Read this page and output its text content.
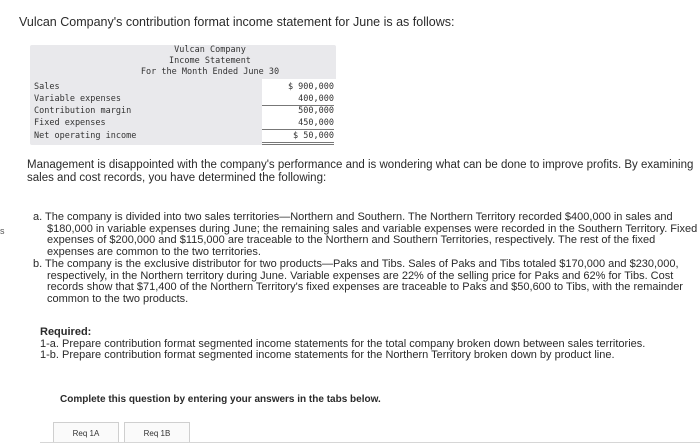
Vulcan Company's contribution format income statement for June is as follows:
Vulcan Company
Income Statement
For the Month Ended June 30
Sales	$ 900,000
Variable expenses	400,000
Contribution margin	500,000
Fixed expenses	450,000
Net operating income	$ 50,000
Management is disappointed with the company's performance and is wondering what can be done to improve profits. By examining sales and cost records, you have determined the following:
s
a. The company is divided into two sales territories—Northern and Southern. The Northern Territory recorded $400,000 in sales and $180,000 in variable expenses during June; the remaining sales and variable expenses were recorded in the Southern Territory. Fixed expenses of $200,000 and $115,000 are traceable to the Northern and Southern Territories, respectively. The rest of the fixed expenses are common to the two territories.
b. The company is the exclusive distributor for two products—Paks and Tibs. Sales of Paks and Tibs totaled $170,000 and $230,000, respectively, in the Northern territory during June. Variable expenses are 22% of the selling price for Paks and 62% for Tibs. Cost records show that $71,400 of the Northern Territory's fixed expenses are traceable to Paks and $50,600 to Tibs, with the remainder common to the two products.
Required:
1-a. Prepare contribution format segmented income statements for the total company broken down between sales territories.
1-b. Prepare contribution format segmented income statements for the Northern Territory broken down by product line.
Complete this question by entering your answers in the tabs below.
Req 1A	Req 1B
